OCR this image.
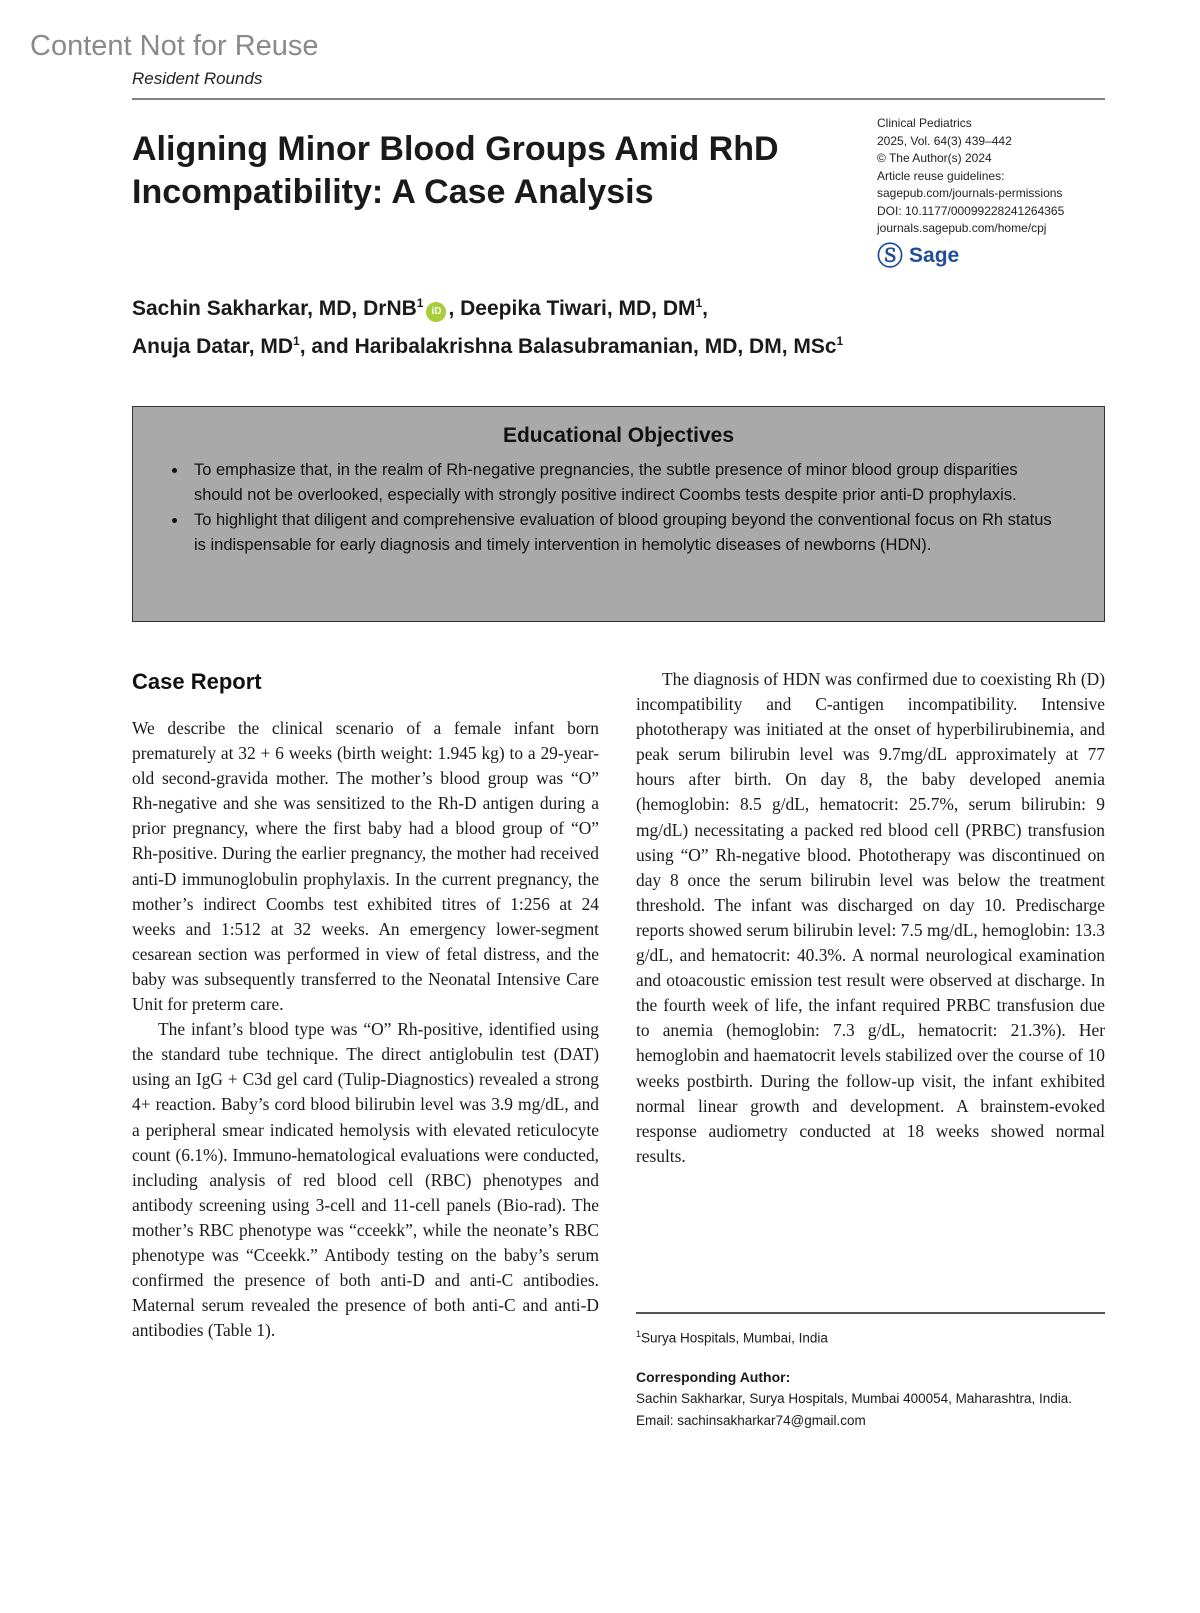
Content Not for Reuse
Resident Rounds
Aligning Minor Blood Groups Amid RhD Incompatibility: A Case Analysis
Clinical Pediatrics
2025, Vol. 64(3) 439–442
© The Author(s) 2024
Article reuse guidelines:
sagepub.com/journals-permissions
DOI: 10.1177/00099228241264365
journals.sagepub.com/home/cpj
Ⓢ Sage
Sachin Sakharkar, MD, DrNB$^1$iD , Deepika Tiwari, MD, $DM^1$,
Anuja Datar, $MD^1$, and Haribalakrishna Balasubramanian, MD, DM, MSc$^1$
Educational Objectives
• To emphasize that, in the realm of Rh-negative pregnancies, the subtle presence of minor blood group disparities should not be overlooked, especially with strongly positive indirect Coombs tests despite prior anti-D prophylaxis.
• To highlight that diligent and comprehensive evaluation of blood grouping beyond the conventional focus on Rh status is indispensable for early diagnosis and timely intervention in hemolytic diseases of newborns (HDN).
Case Report

We describe the clinical scenario of a female infant born prematurely at 32 + 6 weeks (birth weight: 1.945 kg) to a 29-year-old second-gravida mother. The mother’s blood group was “O” Rh-negative and she was sensitized to the Rh-D antigen during a prior pregnancy, where the first baby had a blood group of “O” Rh-positive. During the earlier pregnancy, the mother had received anti-D immunoglobulin prophylaxis. In the current pregnancy, the mother’s indirect Coombs test exhibited titres of 1:256 at 24 weeks and 1:512 at 32 weeks. An emergency lower-segment cesarean section was performed in view of fetal distress, and the baby was subsequently transferred to the Neonatal Intensive Care Unit for preterm care.

The infant’s blood type was “O” Rh-positive, identified using the standard tube technique. The direct antiglobulin test (DAT) using an IgG + C3d gel card (Tulip-Diagnostics) revealed a strong 4+ reaction. Baby’s cord blood bilirubin level was 3.9 mg/dL, and a peripheral smear indicated hemolysis with elevated reticulocyte count (6.1%). Immuno-hematological evaluations were conducted, including analysis of red blood cell (RBC) phenotypes and antibody screening using 3-cell and 11-cell panels (Bio-rad). The mother’s RBC phenotype was “cceekk”, while the neonate’s RBC phenotype was “Cceekk.” Antibody testing on the baby’s serum confirmed the presence of both anti-D and anti-C antibodies. Maternal serum revealed the presence of both anti-C and anti-D antibodies (Table 1).

The diagnosis of HDN was confirmed due to coexisting Rh (D) incompatibility and C-antigen incompatibility. Intensive phototherapy was initiated at the onset of hyperbilirubinemia, and peak serum bilirubin level was 9.7mg/dL approximately at 77 hours after birth. On day 8, the baby developed anemia (hemoglobin: 8.5 g/dL, hematocrit: 25.7%, serum bilirubin: 9 mg/dL) necessitating a packed red blood cell (PRBC) transfusion using “O” Rh-negative blood. Phototherapy was discontinued on day 8 once the serum bilirubin level was below the treatment threshold. The infant was discharged on day 10. Predischarge reports showed serum bilirubin level: 7.5 mg/dL, hemoglobin: 13.3 g/dL, and hematocrit: 40.3%. A normal neurological examination and otoacoustic emission test result were observed at discharge. In the fourth week of life, the infant required PRBC transfusion due to anemia (hemoglobin: 7.3 g/dL, hematocrit: 21.3%). Her hemoglobin and haematocrit levels stabilized over the course of 10 weeks postbirth. During the follow-up visit, the infant exhibited normal linear growth and development. A brainstem-evoked response audiometry conducted at 18 weeks showed normal results.

$^1$Surya Hospitals, Mumbai, India
Corresponding Author:
Sachin Sakharkar, Surya Hospitals, Mumbai 400054, Maharashtra, India.
Email: sachinsakharkar74@gmail.com
